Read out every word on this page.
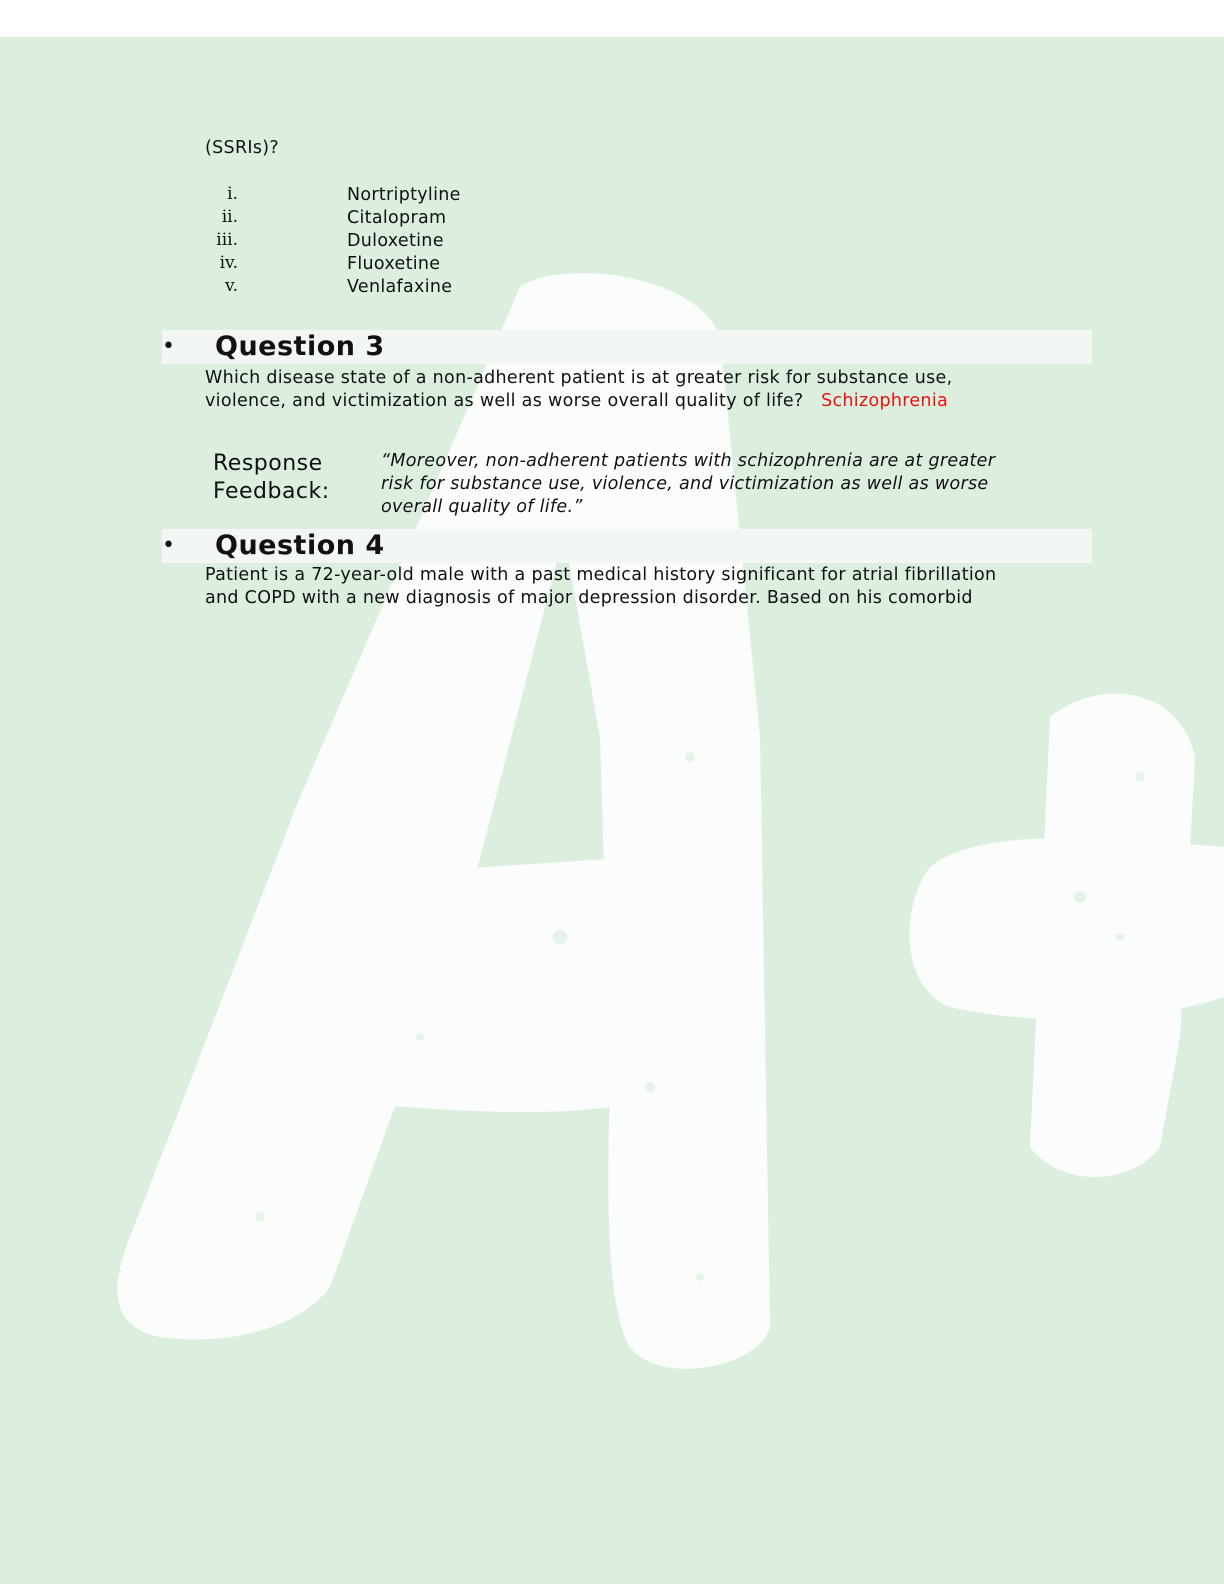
(SSRIs)?
i.	Nortriptyline
ii.	Citalopram
iii.	Duloxetine
iv.	Fluoxetine
v.	Venlafaxine
• Question 3
Which disease state of a non-adherent patient is at greater risk for substance use,
violence, and victimization as well as worse overall quality of life? Schizophrenia
Response
Feedback:
“Moreover, non-adherent patients with schizophrenia are at greater
risk for substance use, violence, and victimization as well as worse
overall quality of life.”
• Question 4
Patient is a 72-year-old male with a past medical history significant for atrial fibrillation
and COPD with a new diagnosis of major depression disorder. Based on his comorbid
